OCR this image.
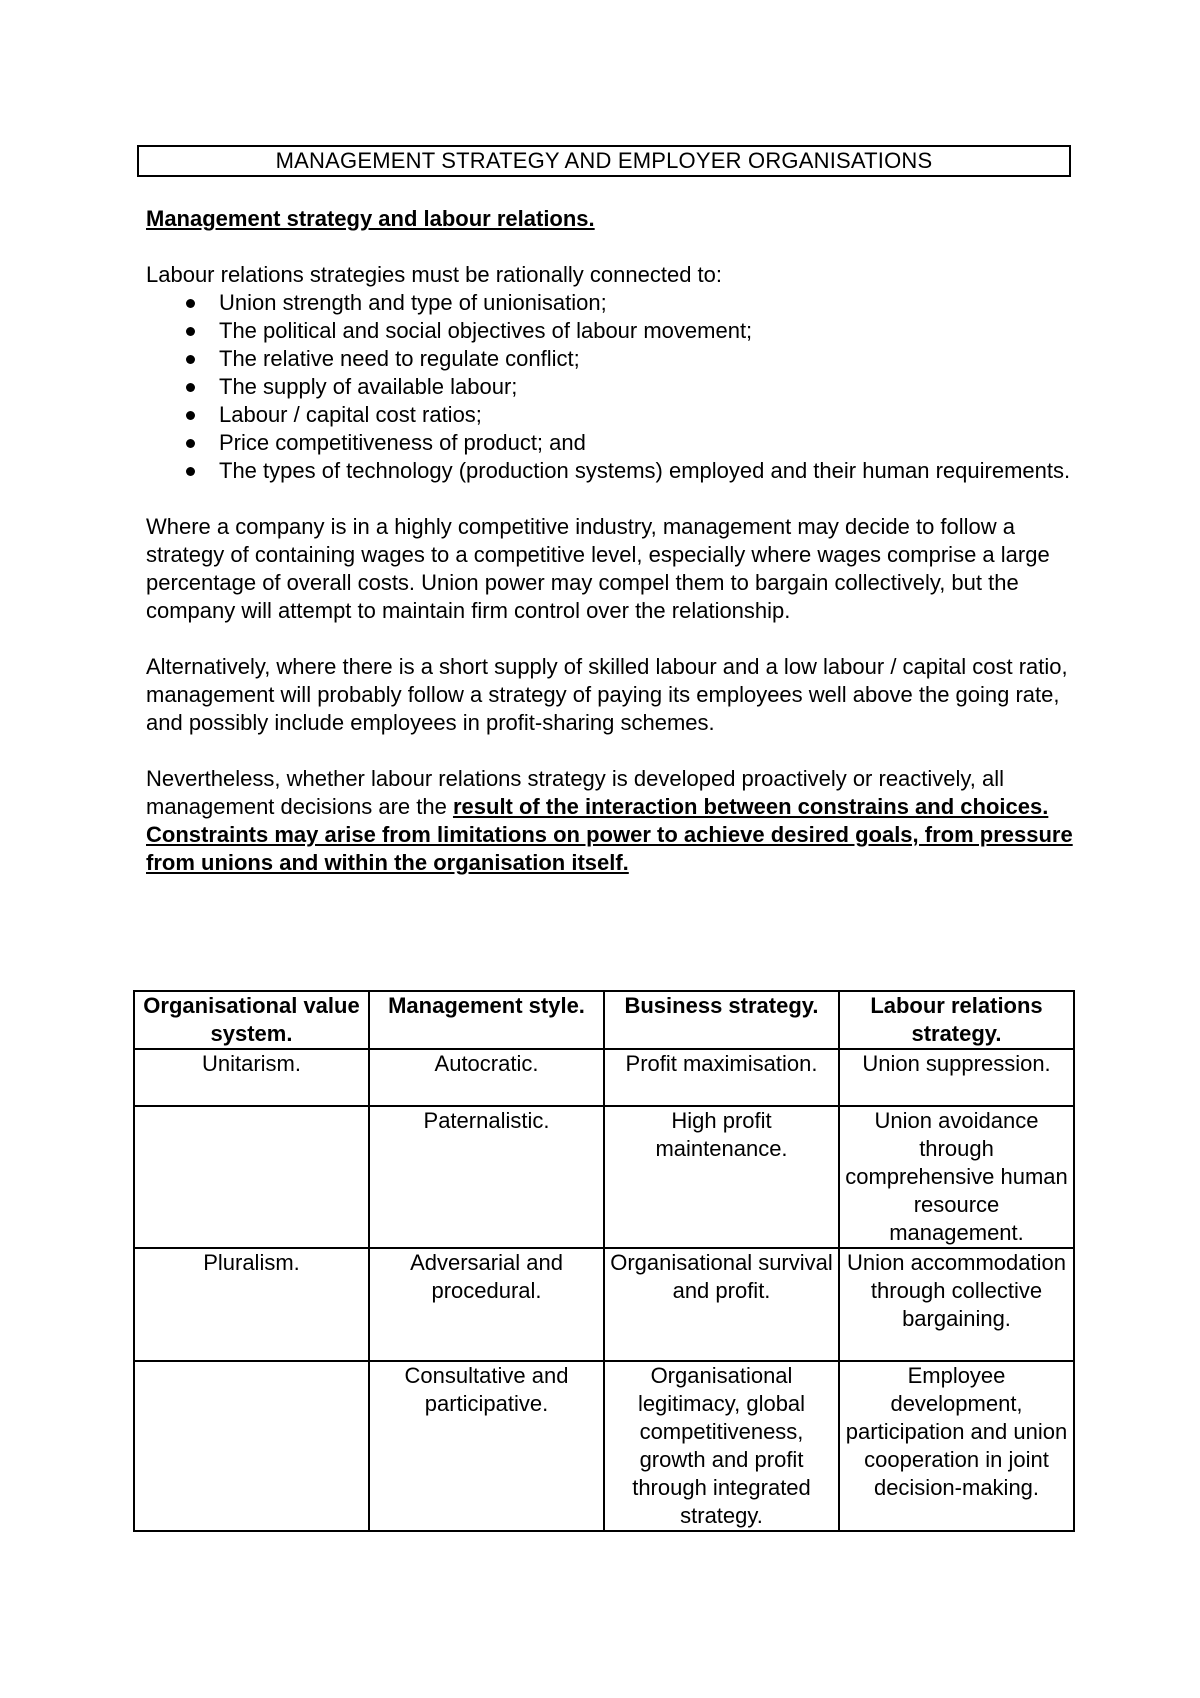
MANAGEMENT STRATEGY AND EMPLOYER ORGANISATIONS

Management strategy and labour relations.

Labour relations strategies must be rationally connected to:

Union strength and type of unionisation;
The political and social objectives of labour movement;
The relative need to regulate conflict;
The supply of available labour;
Labour / capital cost ratios;
Price competitiveness of product; and
The types of technology (production systems) employed and their human requirements.

Where a company is in a highly competitive industry, management may decide to follow a strategy of containing wages to a competitive level, especially where wages comprise a large percentage of overall costs. Union power may compel them to bargain collectively, but the company will attempt to maintain firm control over the relationship.

Alternatively, where there is a short supply of skilled labour and a low labour / capital cost ratio, management will probably follow a strategy of paying its employees well above the going rate, and possibly include employees in profit-sharing schemes.

Nevertheless, whether labour relations strategy is developed proactively or reactively, all management decisions are the result of the interaction between constrains and choices. Constraints may arise from limitations on power to achieve desired goals, from pressure from unions and within the organisation itself.

Organisational value system.	Management style.	Business strategy.	Labour relations strategy.
Unitarism.	Autocratic.	Profit maximisation.	Union suppression.
	Paternalistic.	High profit maintenance.	Union avoidance through comprehensive human resource management.
Pluralism.	Adversarial and procedural.	Organisational survival and profit.	Union accommodation through collective bargaining.
	Consultative and participative.	Organisational legitimacy, global competitiveness, growth and profit through integrated strategy.	Employee development, participation and union cooperation in joint decision-making.
